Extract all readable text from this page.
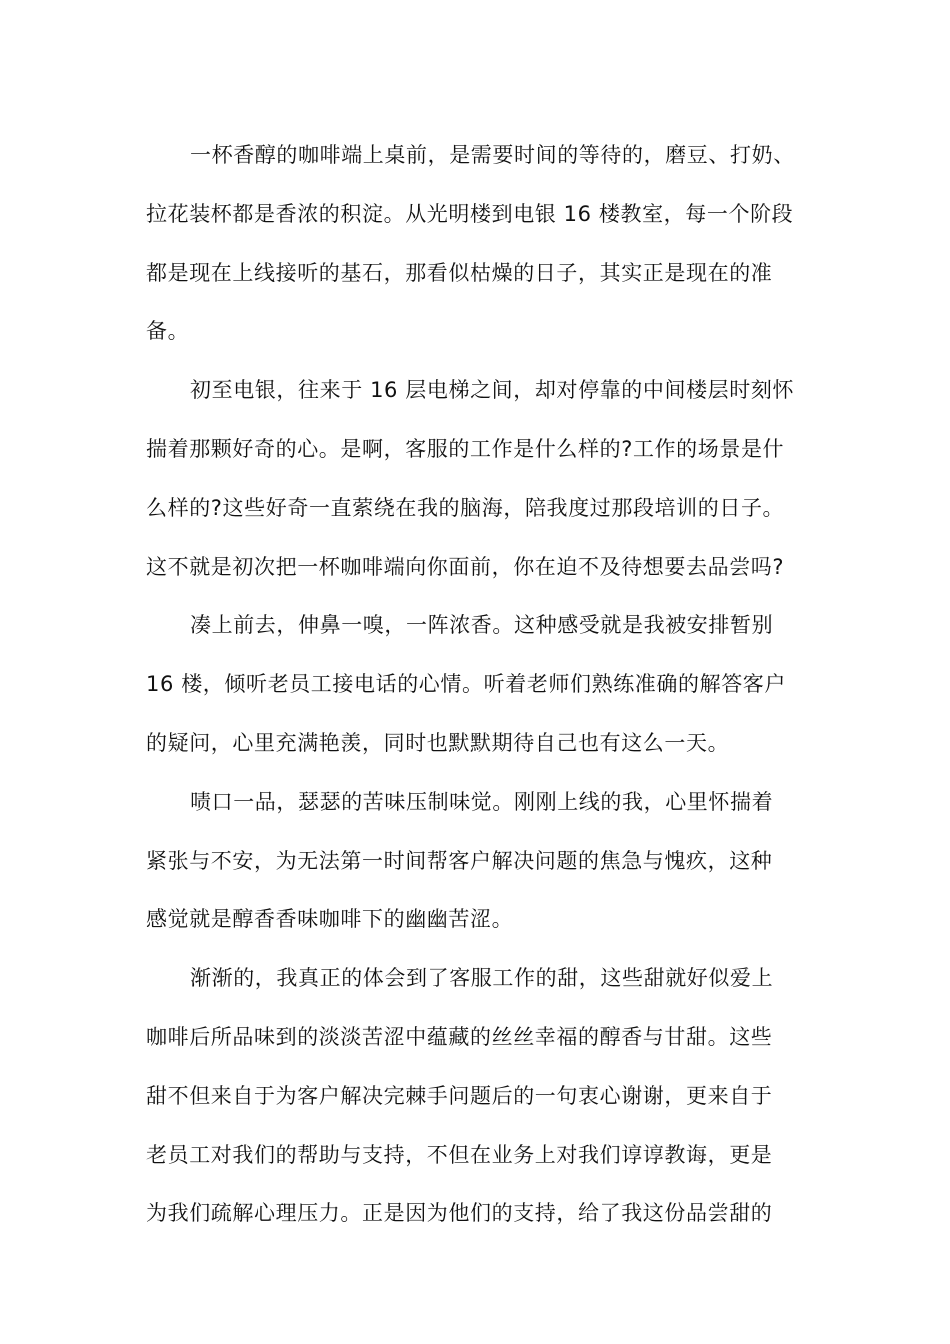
一杯香醇的咖啡端上桌前，是需要时间的等待的，磨豆、打奶、
拉花装杯都是香浓的积淀。从光明楼到电银 16 楼教室，每一个阶段
都是现在上线接听的基石，那看似枯燥的日子，其实正是现在的准
备。

初至电银，往来于 16 层电梯之间，却对停靠的中间楼层时刻怀
揣着那颗好奇的心。是啊，客服的工作是什么样的?工作的场景是什
么样的?这些好奇一直萦绕在我的脑海，陪我度过那段培训的日子。
这不就是初次把一杯咖啡端向你面前，你在迫不及待想要去品尝吗?

凑上前去，伸鼻一嗅，一阵浓香。这种感受就是我被安排暂别
16 楼，倾听老员工接电话的心情。听着老师们熟练准确的解答客户
的疑问，心里充满艳羡，同时也默默期待自己也有这么一天。

啧口一品，瑟瑟的苦味压制味觉。刚刚上线的我，心里怀揣着
紧张与不安，为无法第一时间帮客户解决问题的焦急与愧疚，这种
感觉就是醇香香味咖啡下的幽幽苦涩。

渐渐的，我真正的体会到了客服工作的甜，这些甜就好似爱上
咖啡后所品味到的淡淡苦涩中蕴藏的丝丝幸福的醇香与甘甜。这些
甜不但来自于为客户解决完棘手问题后的一句衷心谢谢，更来自于
老员工对我们的帮助与支持，不但在业务上对我们谆谆教诲，更是
为我们疏解心理压力。正是因为他们的支持，给了我这份品尝甜的
